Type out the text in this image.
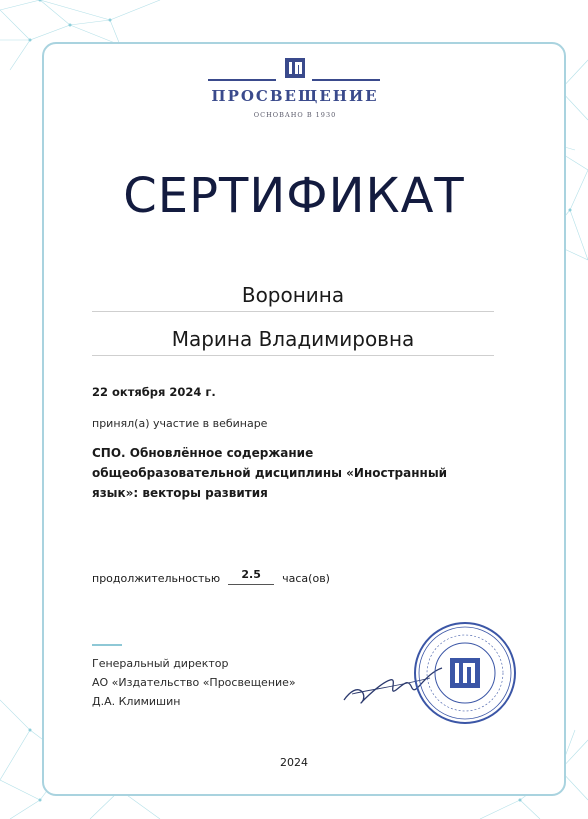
ПРОСВЕЩЕНИЕ
ОСНОВАНО В 1930
СЕРТИФИКАТ
Воронина
Марина Владимировна
22 октября 2024 г.
принял(а) участие в вебинаре
СПО. Обновлённое содержание
общеобразовательной дисциплины «Иностранный
язык»: векторы развития
продолжительностью	2.5	часа(ов)
Генеральный директор
АО «Издательство «Просвещение»
Д.А. Климишин
2024
